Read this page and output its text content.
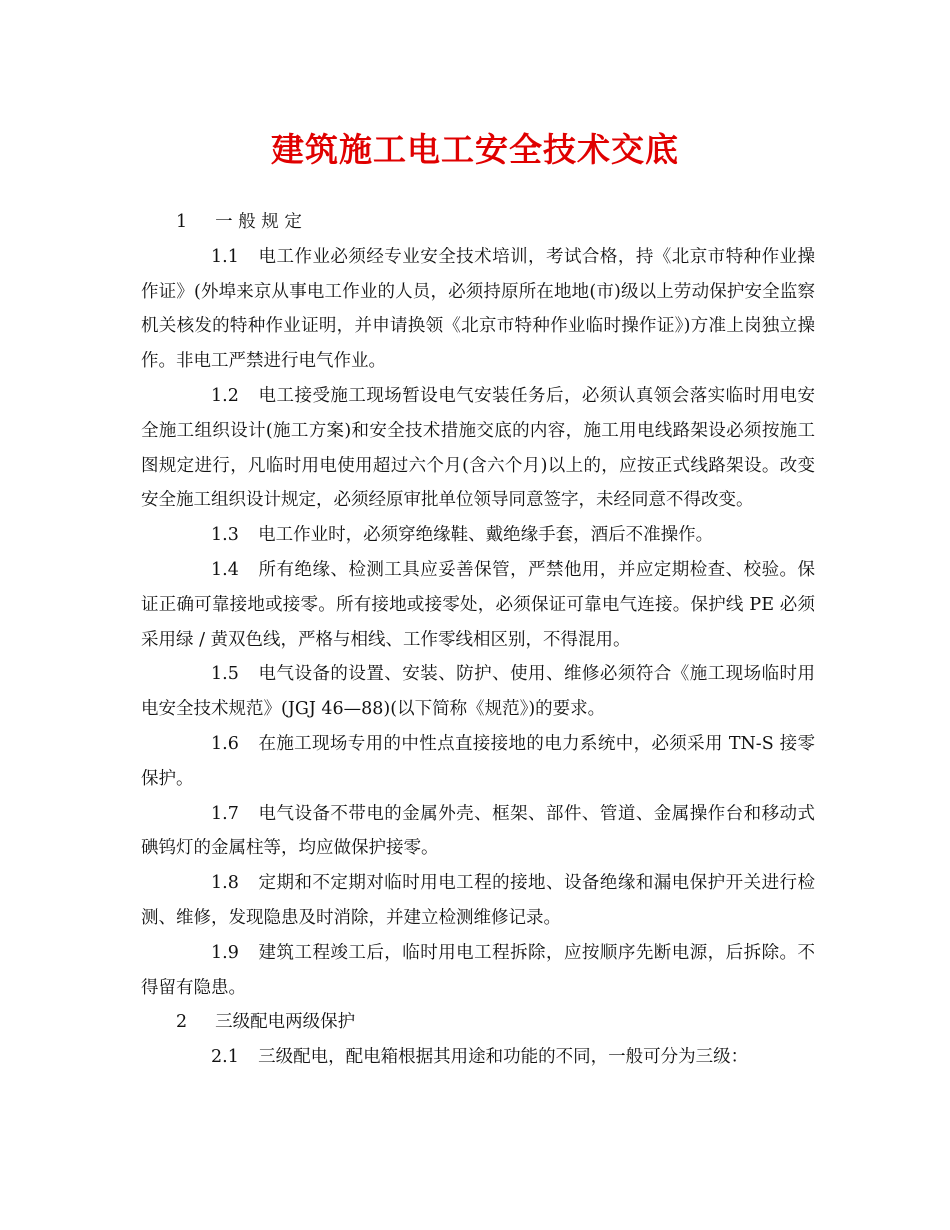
建筑施工电工安全技术交底

1 一 般 规 定

1.1 电工作业必须经专业安全技术培训，考试合格，持《北京市特种作业操作证》(外埠来京从事电工作业的人员，必须持原所在地地(市)级以上劳动保护安全监察机关核发的特种作业证明，并申请换领《北京市特种作业临时操作证》)方准上岗独立操作。非电工严禁进行电气作业。

1.2 电工接受施工现场暂设电气安装任务后，必须认真领会落实临时用电安全施工组织设计(施工方案)和安全技术措施交底的内容，施工用电线路架设必须按施工图规定进行，凡临时用电使用超过六个月(含六个月)以上的，应按正式线路架设。改变安全施工组织设计规定，必须经原审批单位领导同意签字，未经同意不得改变。

1.3 电工作业时，必须穿绝缘鞋、戴绝缘手套，酒后不准操作。

1.4 所有绝缘、检测工具应妥善保管，严禁他用，并应定期检查、校验。保证正确可靠接地或接零。所有接地或接零处，必须保证可靠电气连接。保护线 PE 必须采用绿 / 黄双色线，严格与相线、工作零线相区别，不得混用。

1.5 电气设备的设置、安装、防护、使用、维修必须符合《施工现场临时用电安全技术规范》(JGJ 46—88)(以下简称《规范》)的要求。

1.6 在施工现场专用的中性点直接接地的电力系统中，必须采用 TN-S 接零保护。

1.7 电气设备不带电的金属外壳、框架、部件、管道、金属操作台和移动式碘钨灯的金属柱等，均应做保护接零。

1.8 定期和不定期对临时用电工程的接地、设备绝缘和漏电保护开关进行检测、维修，发现隐患及时消除，并建立检测维修记录。

1.9 建筑工程竣工后，临时用电工程拆除，应按顺序先断电源，后拆除。不得留有隐患。

2 三级配电两级保护

2.1 三级配电，配电箱根据其用途和功能的不同，一般可分为三级：
